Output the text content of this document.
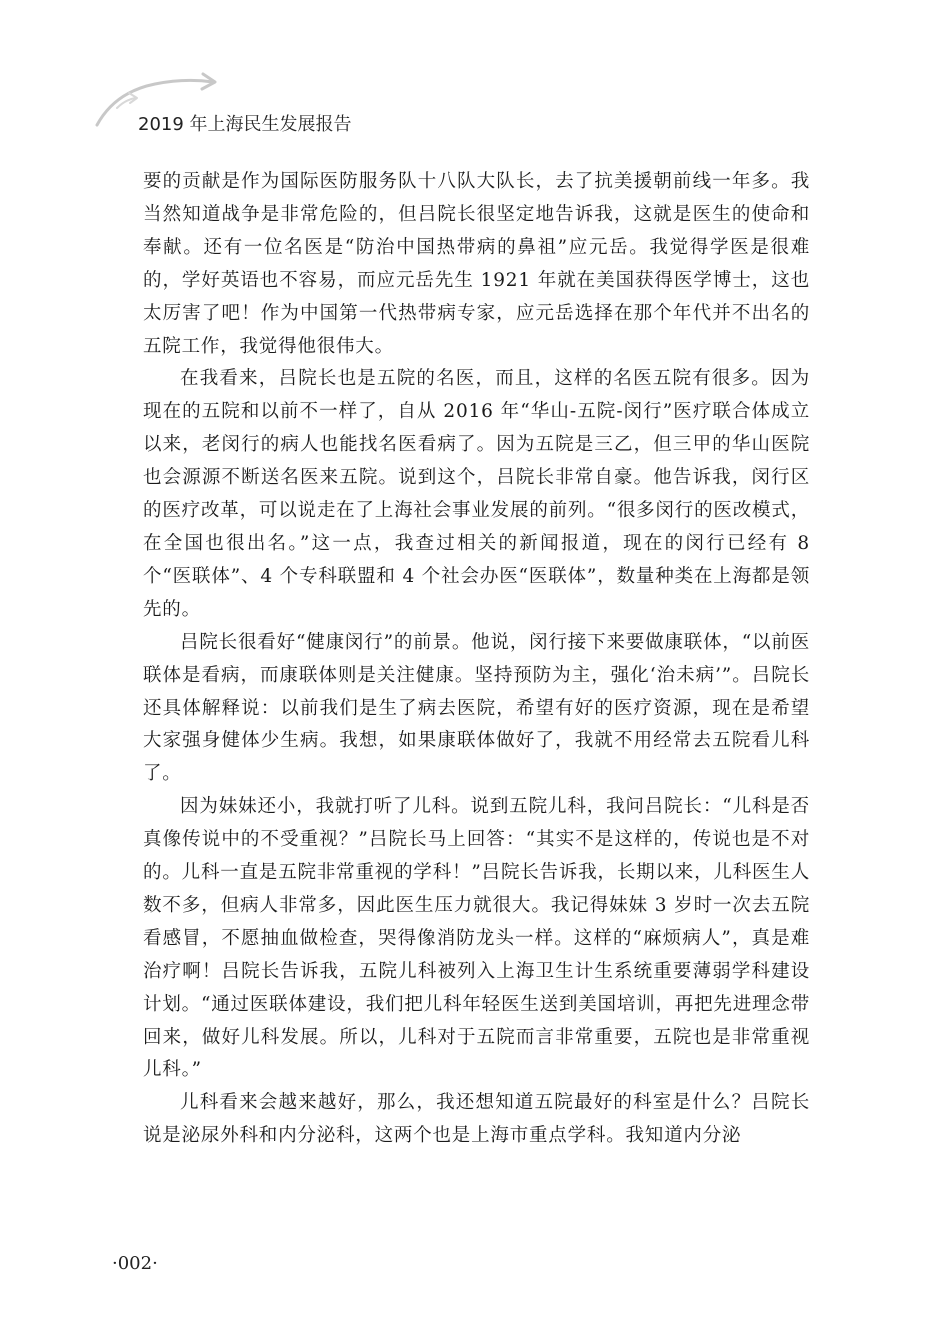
2019 年上海民生发展报告

要的贡献是作为国际医防服务队十八队大队长，去了抗美援朝前线一年多。我当然知道战争是非常危险的，但吕院长很坚定地告诉我，这就是医生的使命和奉献。还有一位名医是“防治中国热带病的鼻祖”应元岳。我觉得学医是很难的，学好英语也不容易，而应元岳先生 1921 年就在美国获得医学博士，这也太厉害了吧！作为中国第一代热带病专家，应元岳选择在那个年代并不出名的五院工作，我觉得他很伟大。

在我看来，吕院长也是五院的名医，而且，这样的名医五院有很多。因为现在的五院和以前不一样了，自从 2016 年“华山-五院-闵行”医疗联合体成立以来，老闵行的病人也能找名医看病了。因为五院是三乙，但三甲的华山医院也会源源不断送名医来五院。说到这个，吕院长非常自豪。他告诉我，闵行区的医疗改革，可以说走在了上海社会事业发展的前列。“很多闵行的医改模式，在全国也很出名。”这一点，我查过相关的新闻报道，现在的闵行已经有 8 个“医联体”、4 个专科联盟和 4 个社会办医“医联体”，数量种类在上海都是领先的。

吕院长很看好“健康闵行”的前景。他说，闵行接下来要做康联体，“以前医联体是看病，而康联体则是关注健康。坚持预防为主，强化‘治未病’”。吕院长还具体解释说：以前我们是生了病去医院，希望有好的医疗资源，现在是希望大家强身健体少生病。我想，如果康联体做好了，我就不用经常去五院看儿科了。

因为妹妹还小，我就打听了儿科。说到五院儿科，我问吕院长：“儿科是否真像传说中的不受重视？”吕院长马上回答：“其实不是这样的，传说也是不对的。儿科一直是五院非常重视的学科！”吕院长告诉我，长期以来，儿科医生人数不多，但病人非常多，因此医生压力就很大。我记得妹妹 3 岁时一次去五院看感冒，不愿抽血做检查，哭得像消防龙头一样。这样的“麻烦病人”，真是难治疗啊！吕院长告诉我，五院儿科被列入上海卫生计生系统重要薄弱学科建设计划。“通过医联体建设，我们把儿科年轻医生送到美国培训，再把先进理念带回来，做好儿科发展。所以，儿科对于五院而言非常重要，五院也是非常重视儿科。”

儿科看来会越来越好，那么，我还想知道五院最好的科室是什么？吕院长说是泌尿外科和内分泌科，这两个也是上海市重点学科。我知道内分泌

·002·
